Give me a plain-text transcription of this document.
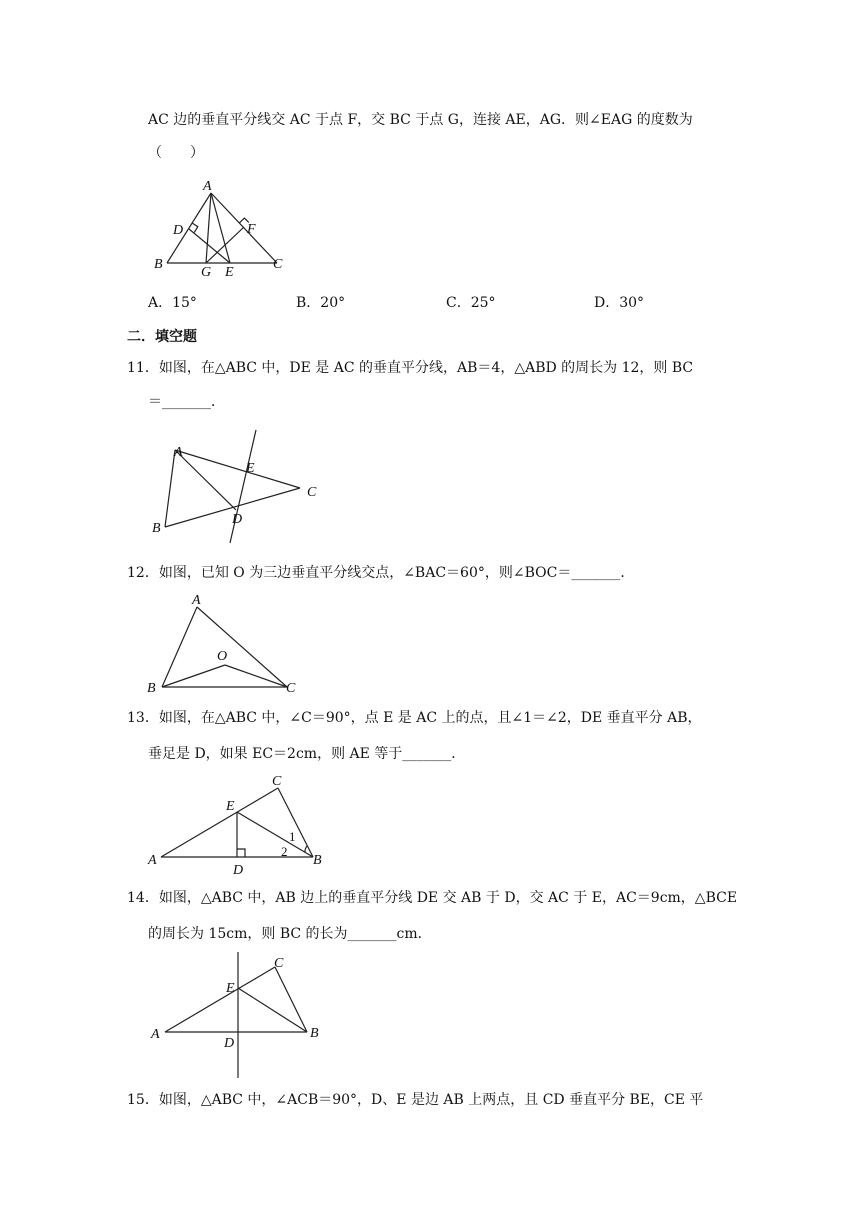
AC 边的垂直平分线交 AC 于点 F，交 BC 于点 G，连接 AE，AG．则∠EAG 的度数为
（　　）
A
D	F
B
G E
C
A．15°	B．20°	C．25°	D．30°
二．填空题
11．如图，在△ABC 中，DE 是 AC 的垂直平分线，AB＝4，△ABD 的周长为 12，则 BC
＝_______．
A
E
C
B
D
12．如图，已知 O 为三边垂直平分线交点，∠BAC＝60°，则∠BOC＝_______．
A
O
B	C
13．如图，在△ABC 中，∠C＝90°，点 E 是 AC 上的点，且∠1＝∠2，DE 垂直平分 AB，
垂足是 D，如果 EC＝2cm，则 AE 等于_______．
C
E
1
2
A
D
B
14．如图，△ABC 中，AB 边上的垂直平分线 DE 交 AB 于 D，交 AC 于 E，AC＝9cm，△BCE
的周长为 15cm，则 BC 的长为_______cm．
C
E
A	B
D
15．如图，△ABC 中，∠ACB＝90°，D、E 是边 AB 上两点，且 CD 垂直平分 BE，CE 平
